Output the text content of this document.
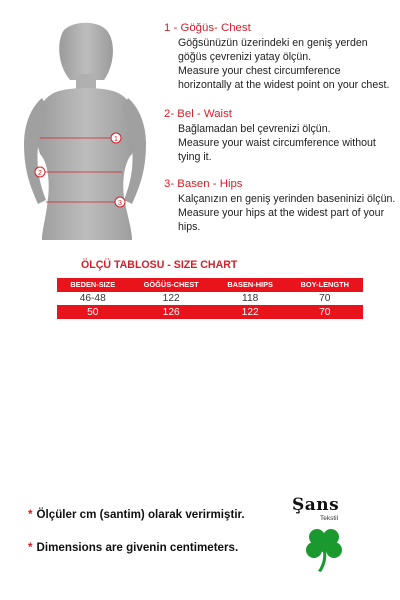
1
2
3
1 - Göğüs- Chest
Göğsünüzün üzerindeki en geniş yerden göğüs çevrenizi yatay ölçün.
Measure your chest circumference horizontally at the widest point on your chest.
2- Bel - Waist
Bağlamadan bel çevrenizi ölçün.
Measure your waist circumference without tying it.
3- Basen - Hips
Kalçanızın en geniş yerinden baseninizi ölçün.
Measure your hips at the widest part of your hips.
ÖLÇÜ TABLOSU - SIZE CHART
BEDEN-SIZE	GÖĞÜS-CHEST	BASEN-HIPS	BOY-LENGTH
46-48	122	118	70
50	126	122	70
* Ölçüler cm (santim) olarak verirmiştir.
* Dimensions are givenin centimeters.
Şans
Tekstil
